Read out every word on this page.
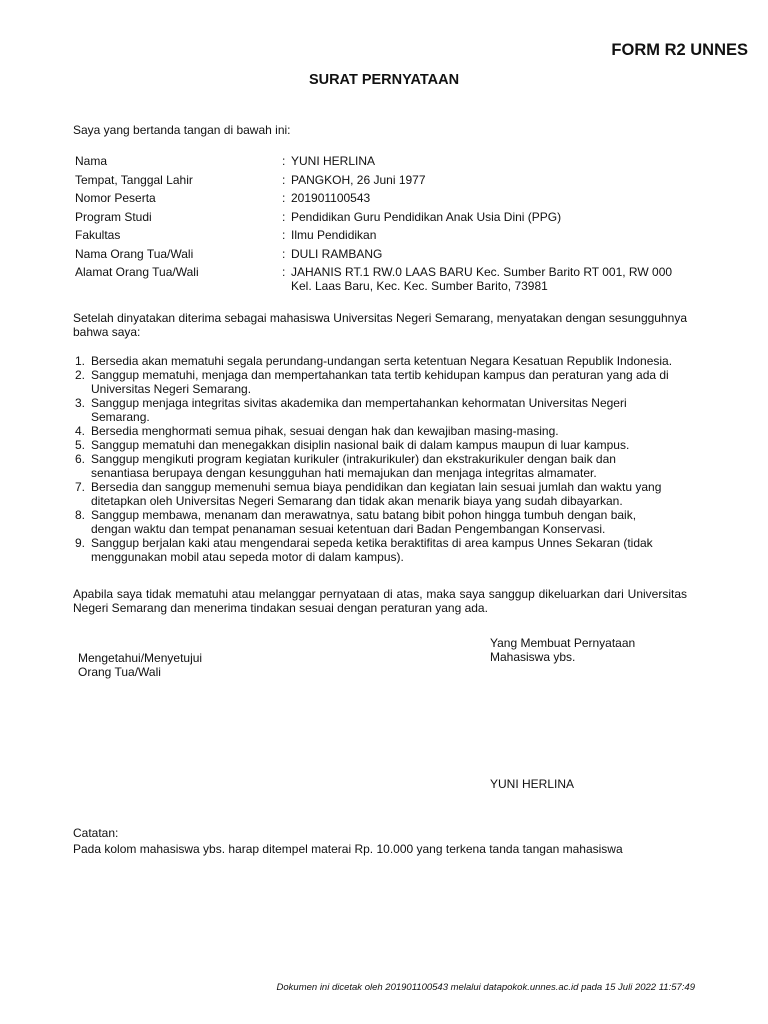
FORM R2 UNNES
SURAT PERNYATAAN
Saya yang bertanda tangan di bawah ini:
Nama	: YUNI HERLINA
Tempat, Tanggal Lahir	: PANGKOH, 26 Juni 1977
Nomor Peserta	: 201901100543
Program Studi	: Pendidikan Guru Pendidikan Anak Usia Dini (PPG)
Fakultas	: Ilmu Pendidikan
Nama Orang Tua/Wali	: DULI RAMBANG
Alamat Orang Tua/Wali	: JAHANIS RT.1 RW.0 LAAS BARU Kec. Sumber Barito RT 001, RW 000
Kel. Laas Baru, Kec. Kec. Sumber Barito, 73981
Setelah dinyatakan diterima sebagai mahasiswa Universitas Negeri Semarang, menyatakan dengan sesungguhnya bahwa saya:
1. Bersedia akan mematuhi segala perundang-undangan serta ketentuan Negara Kesatuan Republik Indonesia.
2. Sanggup mematuhi, menjaga dan mempertahankan tata tertib kehidupan kampus dan peraturan yang ada di
Universitas Negeri Semarang.
3. Sanggup menjaga integritas sivitas akademika dan mempertahankan kehormatan Universitas Negeri
Semarang.
4. Bersedia menghormati semua pihak, sesuai dengan hak dan kewajiban masing-masing.
5. Sanggup mematuhi dan menegakkan disiplin nasional baik di dalam kampus maupun di luar kampus.
6. Sanggup mengikuti program kegiatan kurikuler (intrakurikuler) dan ekstrakurikuler dengan baik dan
senantiasa berupaya dengan kesungguhan hati memajukan dan menjaga integritas almamater.
7. Bersedia dan sanggup memenuhi semua biaya pendidikan dan kegiatan lain sesuai jumlah dan waktu yang
ditetapkan oleh Universitas Negeri Semarang dan tidak akan menarik biaya yang sudah dibayarkan.
8. Sanggup membawa, menanam dan merawatnya, satu batang bibit pohon hingga tumbuh dengan baik,
dengan waktu dan tempat penanaman sesuai ketentuan dari Badan Pengembangan Konservasi.
9. Sanggup berjalan kaki atau mengendarai sepeda ketika beraktifitas di area kampus Unnes Sekaran (tidak
menggunakan mobil atau sepeda motor di dalam kampus).
Apabila saya tidak mematuhi atau melanggar pernyataan di atas, maka saya sanggup dikeluarkan dari Universitas Negeri Semarang dan menerima tindakan sesuai dengan peraturan yang ada.
Mengetahui/Menyetujui
Orang Tua/Wali
Yang Membuat Pernyataan
Mahasiswa ybs.
YUNI HERLINA
Catatan:
Pada kolom mahasiswa ybs. harap ditempel materai Rp. 10.000 yang terkena tanda tangan mahasiswa
Dokumen ini dicetak oleh 201901100543 melalui datapokok.unnes.ac.id pada 15 Juli 2022 11:57:49
